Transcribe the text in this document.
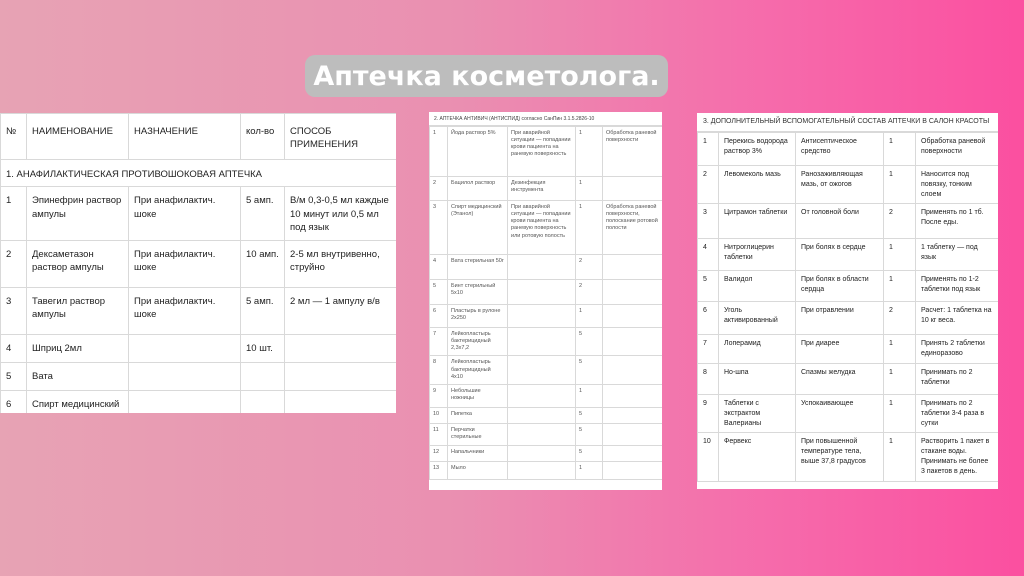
Аптечка косметолога.
№	НАИМЕНОВАНИЕ	НАЗНАЧЕНИЕ	кол-во	СПОСОБ ПРИМЕНЕНИЯ
1. АНАФИЛАКТИЧЕСКАЯ ПРОТИВОШОКОВАЯ АПТЕЧКА				
1	Эпинефрин раствор ампулы	При анафилактич. шоке	5 амп.	В/м 0,3-0,5 мл каждые 10 минут или 0,5 мл под язык
2	Дексаметазон раствор ампулы	При анафилактич. шоке	10 амп.	2-5 мл внутривенно, струйно
3	Тавегил раствор ампулы	При анафилактич. шоке	5 амп.	2 мл — 1 ампулу в/в
4	Шприц 2мл		10 шт.	
5	Вата			
6	Спирт медицинский			
2. АПТЕЧКА АНТИВИЧ (АНТИСПИД) согласно СанПин 3.1.5.2826-10
1	Йода раствор 5%	При аварийной ситуации — попадании крови пациента на раневую поверхность	1	Обработка раневой поверхности
2	Бацилол раствор	Дезинфекция инструмента	1	
3	Спирт медицинский (Этанол)	При аварийной ситуации — попадании крови пациента на раневую поверхность или ротовую полость	1	Обработка раневой поверхности, полоскание ротовой полости
4	Вата стерильная 50г		2	
5	Бинт стерильный 5х10		2	
6	Пластырь в рулоне 2х250		1	
7	Лейкопластырь бактерицидный 2,3х7,2		5	
8	Лейкопластырь бактерицидный 4х10		5	
9	Небольшие ножницы		1	
10	Пипетка		5	
11	Перчатки стерильные		5	
12	Напальчники		5	
13	Мыло		1	
3. ДОПОЛНИТЕЛЬНЫЙ ВСПОМОГАТЕЛЬНЫЙ СОСТАВ АПТЕЧКИ В САЛОН КРАСОТЫ
1	Перекись водорода раствор 3%	Антисептическое средство	1	Обработка раневой поверхности
2	Левомеколь мазь	Ранозаживляющая мазь, от ожогов	1	Наносится под повязку, тонким слоем
3	Цитрамон таблетки	От головной боли	2	Применять по 1 тб. После еды.
4	Нитроглицерин таблетки	При болях в сердце	1	1 таблетку — под язык
5	Валидол	При болях в области сердца	1	Применять по 1-2 таблетки под язык
6	Уголь активированный	При отравлении	2	Расчет: 1 таблетка на 10 кг веса.
7	Лоперамид	При диарее	1	Принять 2 таблетки единоразово
8	Но-шпа	Спазмы желудка	1	Принимать по 2 таблетки
9	Таблетки с экстрактом Валерианы	Успокаивающее	1	Принимать по 2 таблетки 3-4 раза в сутки
10	Фервекс	При повышенной температуре тела, выше 37,8 градусов	1	Растворить 1 пакет в стакане воды. Принимать не более 3 пакетов в день.
